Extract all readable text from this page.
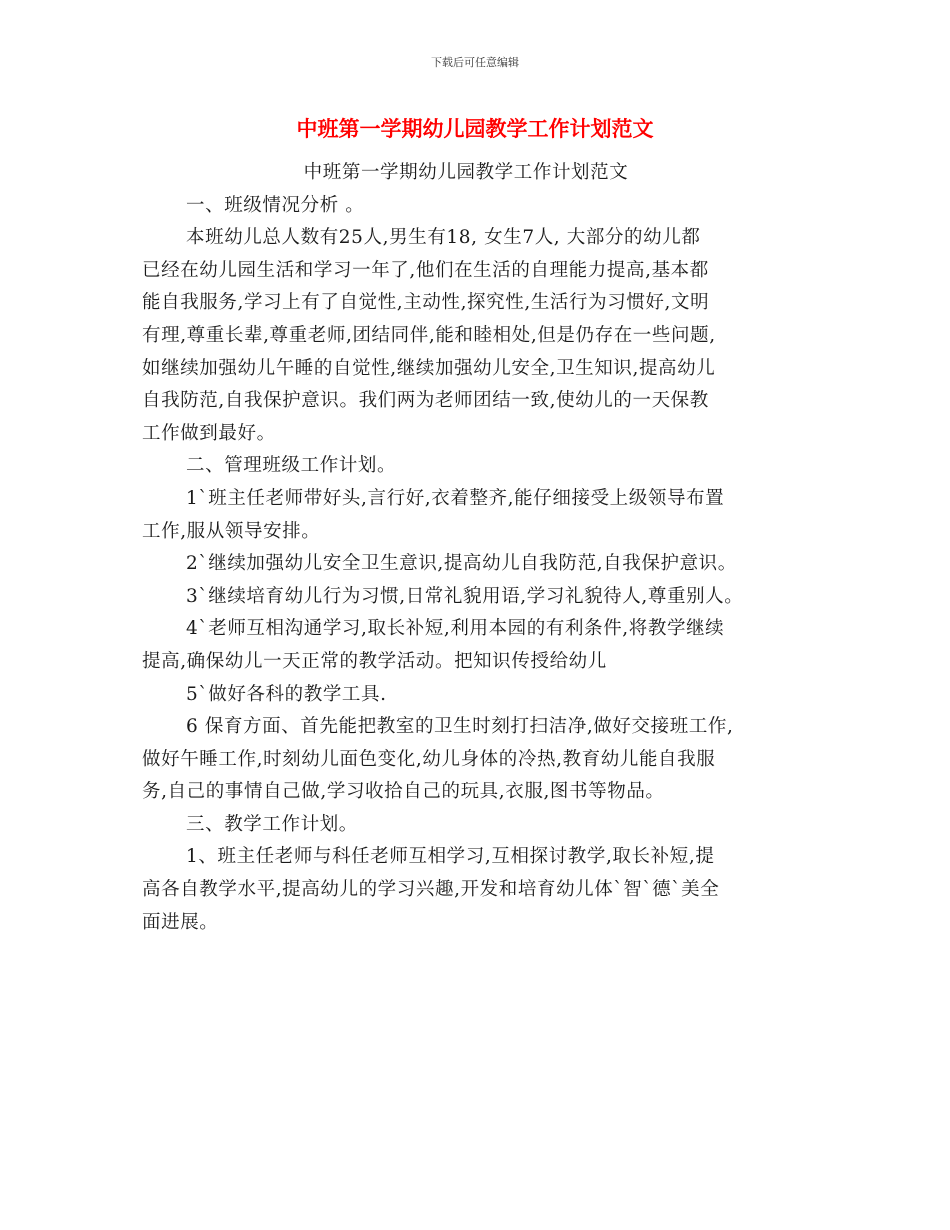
下载后可任意编辑
中班第一学期幼儿园教学工作计划范文
中班第一学期幼儿园教学工作计划范文
一、班级情况分析 。
本班幼儿总人数有25人,男生有18, 女生7人, 大部分的幼儿都
已经在幼儿园生活和学习一年了,他们在生活的自理能力提高,基本都
能自我服务,学习上有了自觉性,主动性,探究性,生活行为习惯好,文明
有理,尊重长辈,尊重老师,团结同伴,能和睦相处,但是仍存在一些问题,
如继续加强幼儿午睡的自觉性,继续加强幼儿安全,卫生知识,提高幼儿
自我防范,自我保护意识。我们两为老师团结一致,使幼儿的一天保教
工作做到最好。
二、管理班级工作计划。
1`班主任老师带好头,言行好,衣着整齐,能仔细接受上级领导布置
工作,服从领导安排。
2`继续加强幼儿安全卫生意识,提高幼儿自我防范,自我保护意识。
3`继续培育幼儿行为习惯,日常礼貌用语,学习礼貌待人,尊重别人。
4`老师互相沟通学习,取长补短,利用本园的有利条件,将教学继续
提高,确保幼儿一天正常的教学活动。把知识传授给幼儿
5`做好各科的教学工具.
6 保育方面、首先能把教室的卫生时刻打扫洁净,做好交接班工作,
做好午睡工作,时刻幼儿面色变化,幼儿身体的冷热,教育幼儿能自我服
务,自己的事情自己做,学习收拾自己的玩具,衣服,图书等物品。
三、教学工作计划。
1、班主任老师与科任老师互相学习,互相探讨教学,取长补短,提
高各自教学水平,提高幼儿的学习兴趣,开发和培育幼儿体`智`德`美全
面进展。
